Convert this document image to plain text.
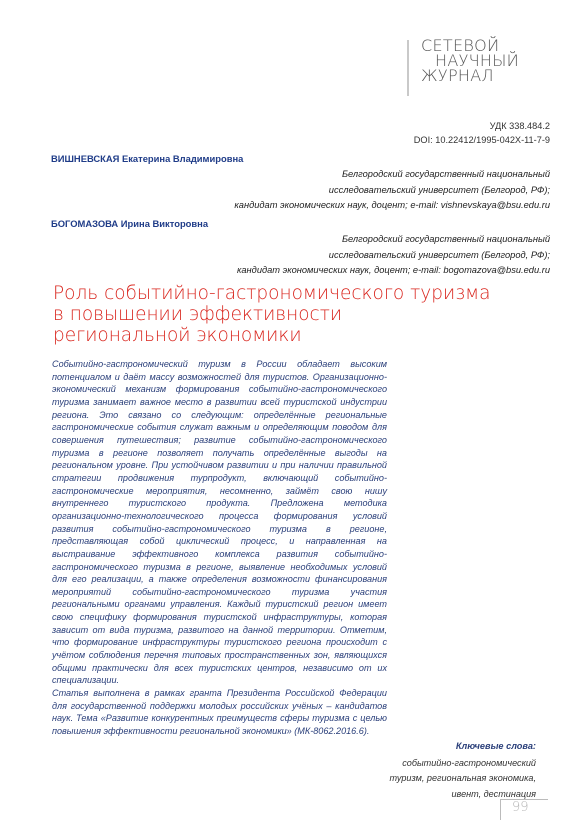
СЕТЕВОЙ
НАУЧНЫЙ
ЖУРНАЛ
УДК 338.484.2
DOI: 10.22412/1995-042X-11-7-9
ВИШНЕВСКАЯ Екатерина Владимировна
Белгородский государственный национальный
исследовательский университет (Белгород, РФ);
кандидат экономических наук, доцент; e-mail: vishnevskaya@bsu.edu.ru
БОГОМАЗОВА Ирина Викторовна
Белгородский государственный национальный
исследовательский университет (Белгород, РФ);
кандидат экономических наук, доцент; e-mail: bogomazova@bsu.edu.ru
Роль событийно-гастрономического туризма
в повышении эффективности
региональной экономики

Событийно-гастрономический туризм в России обладает высоким потенциалом и даёт массу возможностей для туристов. Организационно-экономический механизм формирования событийно-гастрономического туризма занимает важное место в развитии всей туристской индустрии региона. Это связано со следующим: определённые региональные гастрономические события служат важным и определяющим поводом для совершения путешествия; развитие событийно-гастрономического туризма в регионе позволяет получать определённые выгоды на региональном уровне. При устойчивом развитии и при наличии правильной стратегии продвижения турпродукт, включающий событийно-гастрономические мероприятия, несомненно, займёт свою нишу внутреннего туристского продукта. Предложена методика организационно-технологического процесса формирования условий развития событийно-гастрономического туризма в регионе, представляющая собой циклический процесс, и направленная на выстраивание эффективного комплекса развития событийно-гастрономического туризма в регионе, выявление необходимых условий для его реализации, а также определения возможности финансирования мероприятий событийно-гастрономического туризма участия региональными органами управления. Каждый туристский регион имеет свою специфику формирования туристской инфраструктуры, которая зависит от вида туризма, развитого на данной территории. Отметим, что формирование инфраструктуры туристского региона происходит с учётом соблюдения перечня типовых пространственных зон, являющихся общими практически для всех туристских центров, независимо от их специализации.

Статья выполнена в рамках гранта Президента Российской Федерации для государственной поддержки молодых российских учёных – кандидатов наук. Тема «Развитие конкурентных преимуществ сферы туризма с целью повышения эффективности региональной экономики» (МК-8062.2016.6).

Ключевые слова:
событийно-гастрономический туризм, региональная экономика, ивент, дестинация
99
